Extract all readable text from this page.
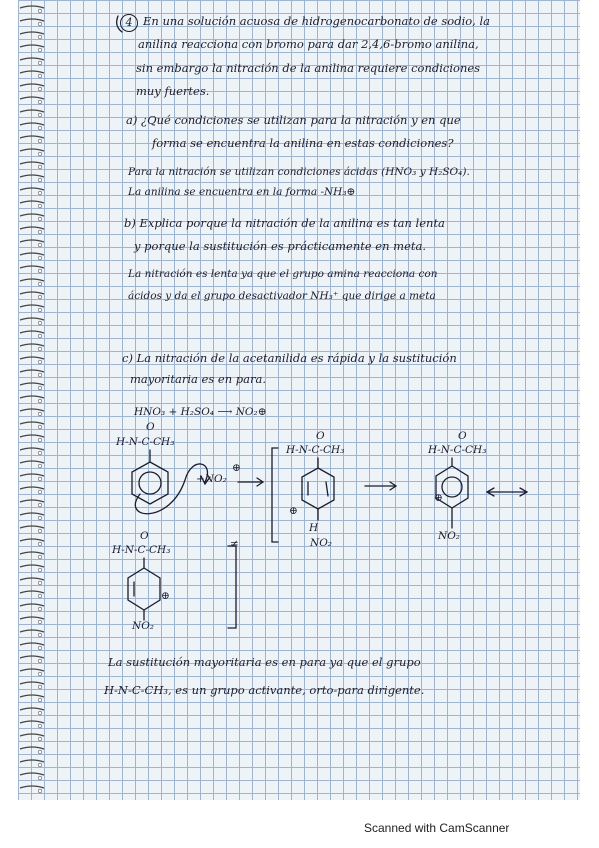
4 En una solución acuosa de hidrogenocarbonato de sodio, la
anilina reacciona con bromo para dar 2,4,6-bromo anilina,
sin embargo la nitración de la anilina requiere condiciones
muy fuertes.
a) ¿Qué condiciones se utilizan para la nitración y en que
forma se encuentra la anilina en estas condiciones?
Para la nitración se utilizan condiciones ácidas (HNO₃ y H₂SO₄).
La anilina se encuentra en la forma -NH₃⊕
b) Explica porque la nitración de la anilina es tan lenta
y porque la sustitución es prácticamente en meta.
La nitración es lenta ya que el grupo amina reacciona con
ácidos y da el grupo desactivador NH₃⁺ que dirige a meta
c) La nitración de la acetanilida es rápida y la sustitución
mayoritaria es en para.
HNO₃ + H₂SO₄ ⟶ NO₂⊕
H-N-C-CH₃
O
+NO₂
⊕
H-N-C-CH₃
O
⊕
H
NO₂
H-N-C-CH₃
O
⊕
NO₂
H-N-C-CH₃
O
⊕
NO₂
≠
La sustitución mayoritaria es en para ya que el grupo
H-N-C-CH₃, es un grupo activante, orto-para dirigente.
Scanned with CamScanner
